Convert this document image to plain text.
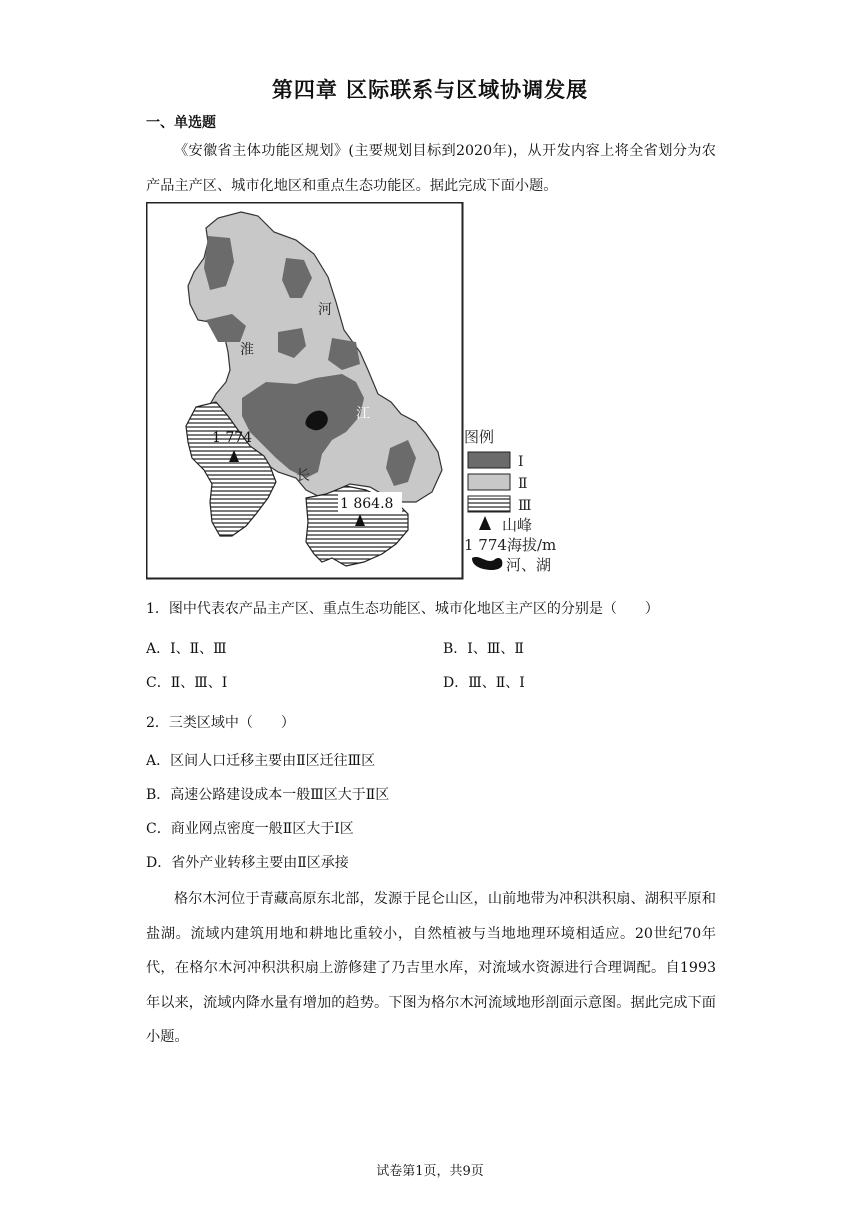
第四章 区际联系与区域协调发展
一、单选题

《安徽省主体功能区规划》(主要规划目标到2020年)，从开发内容上将全省划分为农产品主产区、城市化地区和重点生态功能区。据此完成下面小题。

河
淮
江
长
1 774
1 864.8
图例
Ⅰ
Ⅱ
Ⅲ
山峰
1 774海拔/m
河、湖
1．图中代表农产品主产区、重点生态功能区、城市化地区主产区的分别是（　　）
A．Ⅰ、Ⅱ、Ⅲ	B．Ⅰ、Ⅲ、Ⅱ
C．Ⅱ、Ⅲ、Ⅰ	D．Ⅲ、Ⅱ、Ⅰ
2．三类区域中（　　）
A．区间人口迁移主要由Ⅱ区迁往Ⅲ区
B．高速公路建设成本一般Ⅲ区大于Ⅱ区
C．商业网点密度一般Ⅱ区大于Ⅰ区
D．省外产业转移主要由Ⅱ区承接

格尔木河位于青藏高原东北部，发源于昆仑山区，山前地带为冲积洪积扇、湖积平原和盐湖。流域内建筑用地和耕地比重较小，自然植被与当地地理环境相适应。20世纪70年代，在格尔木河冲积洪积扇上游修建了乃吉里水库，对流域水资源进行合理调配。自1993年以来，流域内降水量有增加的趋势。下图为格尔木河流域地形剖面示意图。据此完成下面小题。

试卷第1页，共9页
